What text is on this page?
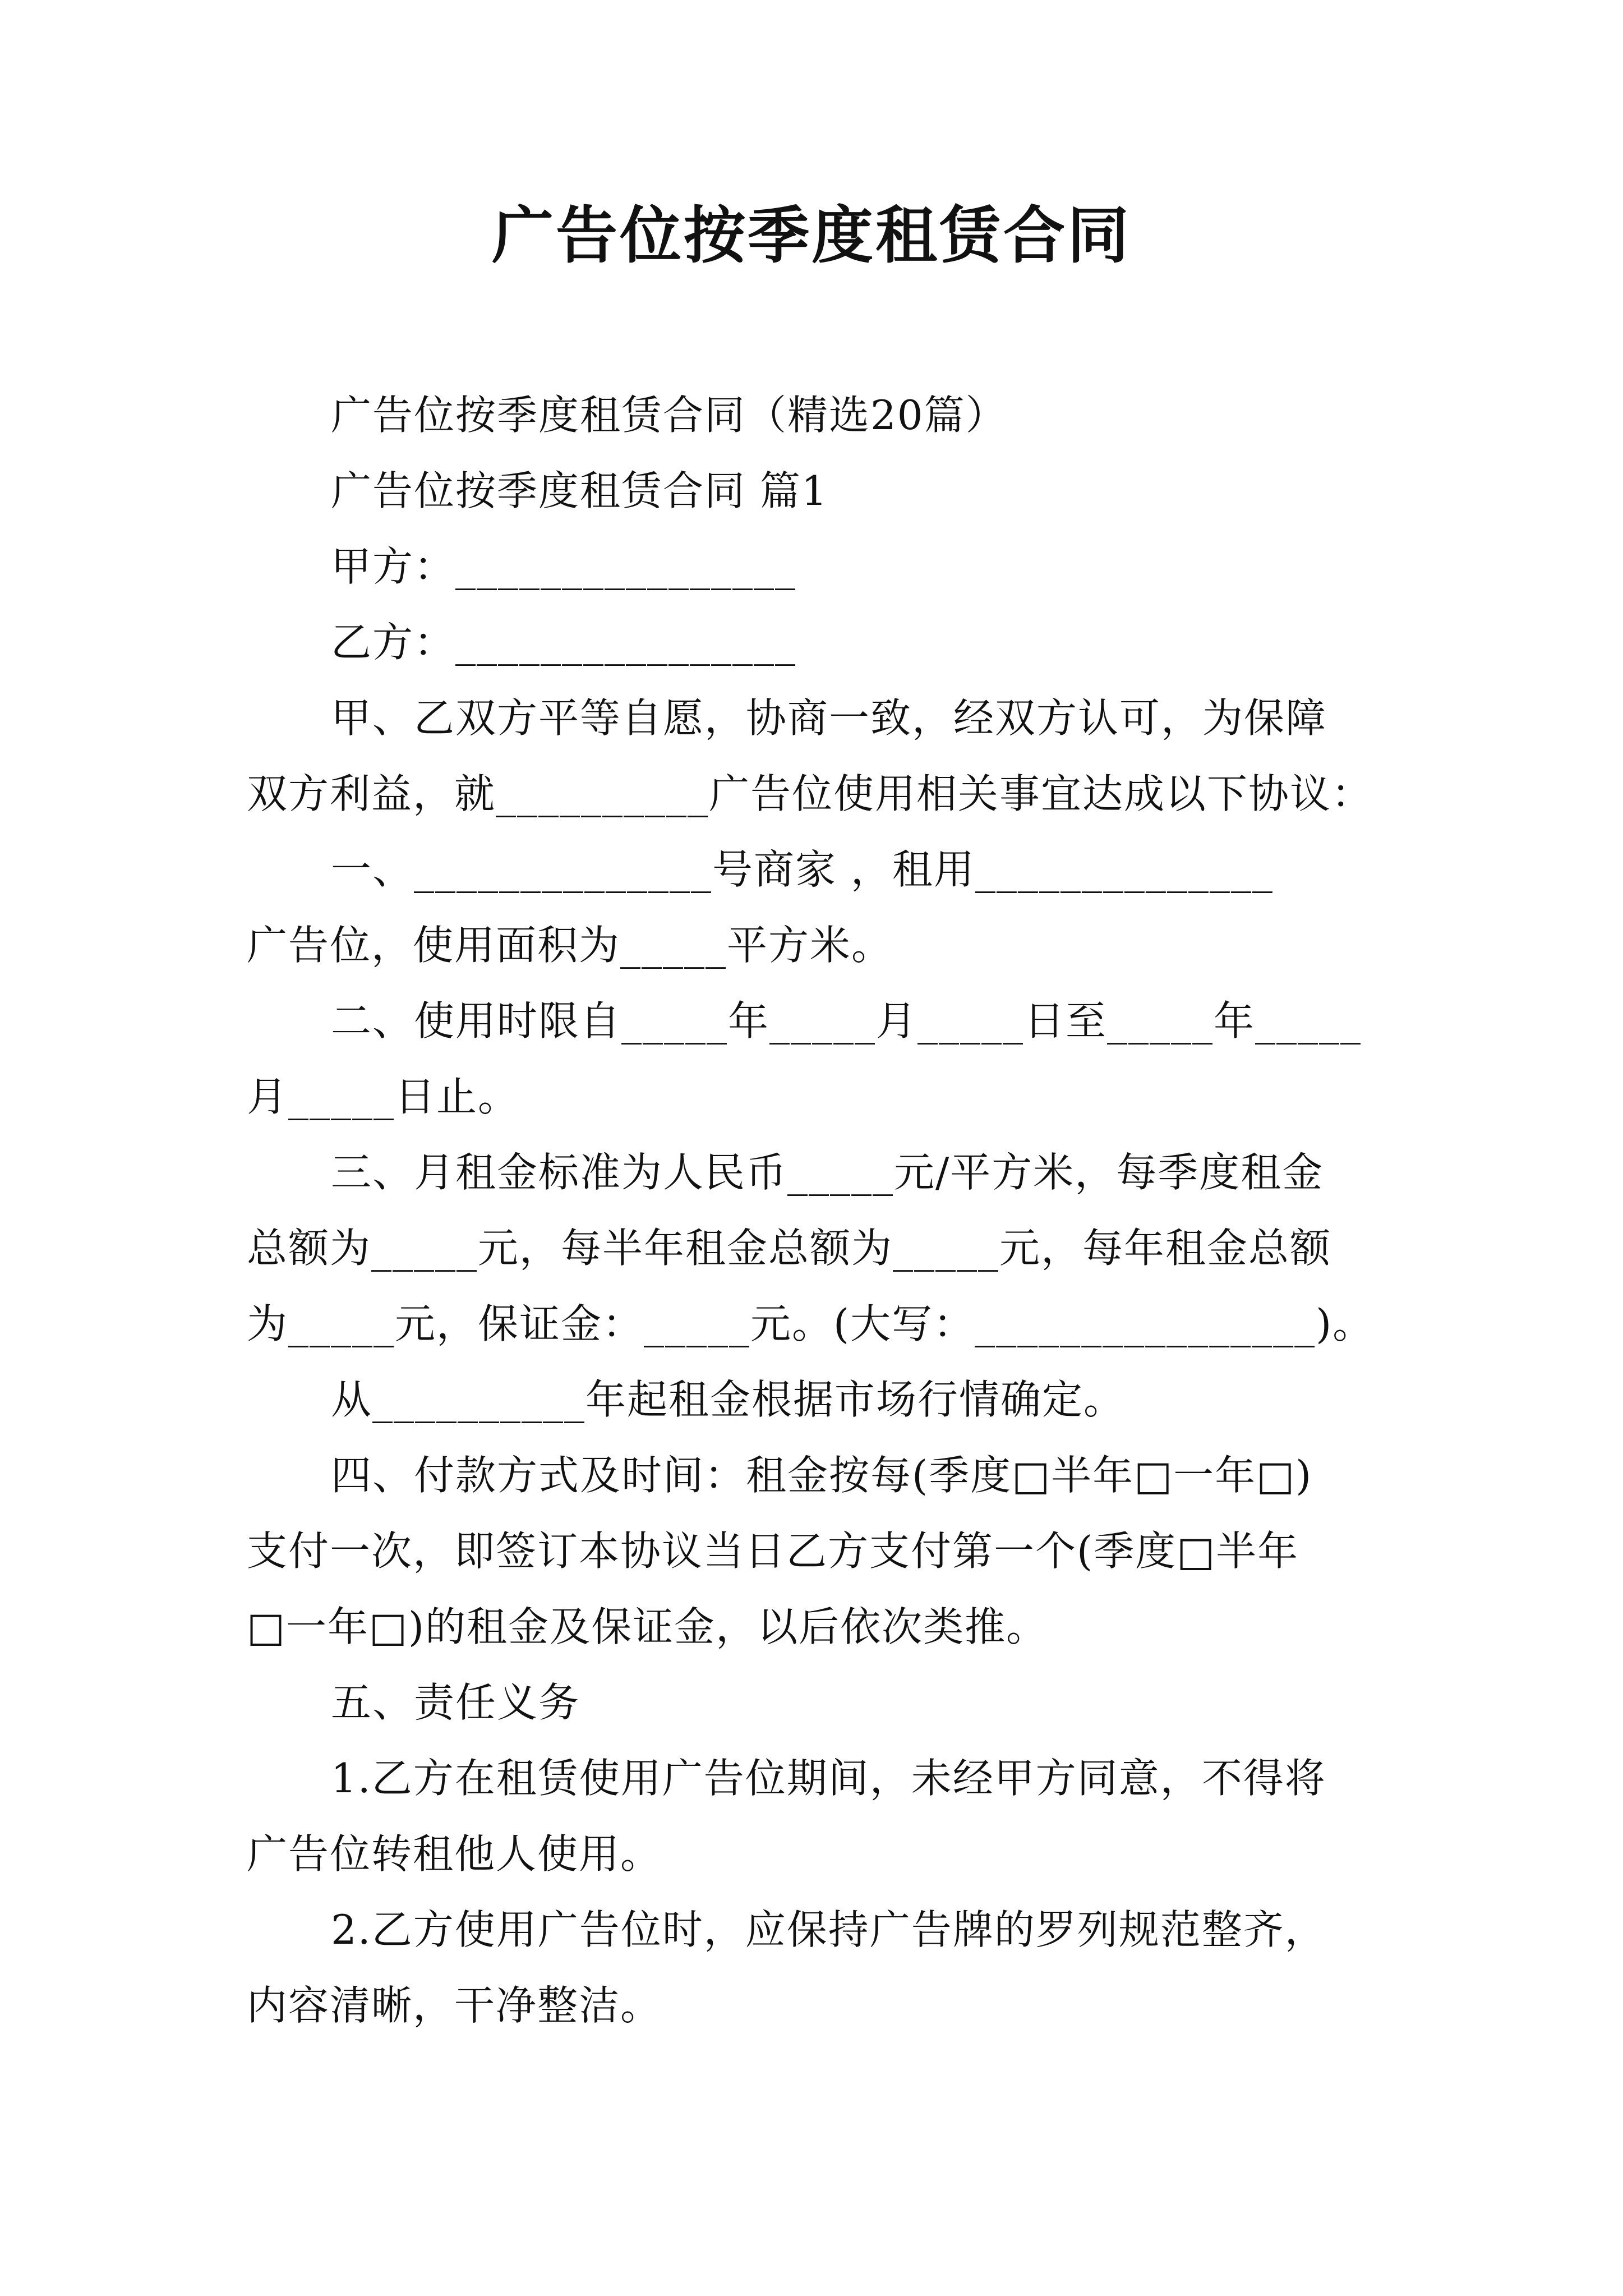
广告位按季度租赁合同
广告位按季度租赁合同（精选20篇）
广告位按季度租赁合同 篇1
甲方：________________
乙方：________________
甲、乙双方平等自愿，协商一致，经双方认可，为保障
双方利益，就__________广告位使用相关事宜达成以下协议：
一、______________号商家 ，租用______________
广告位，使用面积为_____平方米。
二、使用时限自_____年_____月_____日至_____年_____
月_____日止。
三、月租金标准为人民币_____元/平方米，每季度租金
总额为_____元，每半年租金总额为_____元，每年租金总额
为_____元，保证金：_____元。(大写：________________)。
从__________年起租金根据市场行情确定。
四、付款方式及时间：租金按每(季度□半年□一年□)
支付一次，即签订本协议当日乙方支付第一个(季度□半年
□一年□)的租金及保证金，以后依次类推。
五、责任义务
1.乙方在租赁使用广告位期间，未经甲方同意，不得将
广告位转租他人使用。
2.乙方使用广告位时，应保持广告牌的罗列规范整齐，
内容清晰，干净整洁。
